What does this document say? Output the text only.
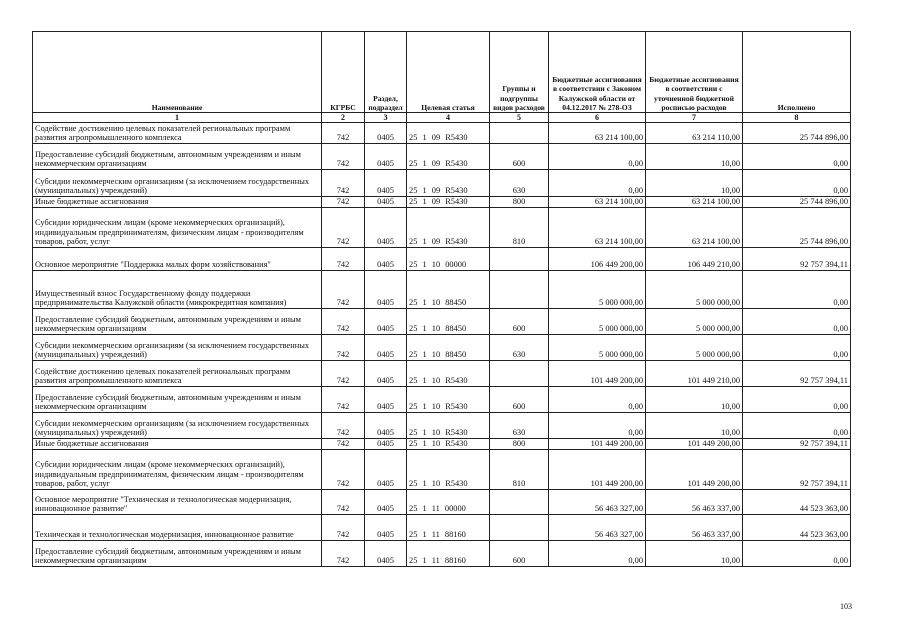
Наименование	КГРБС	Раздел, подраздел	Целевая статья	Группы и подгруппы видов расходов	Бюджетные ассигнования в соответствии с Законом Калужской области от 04.12.2017 № 278-ОЗ	Бюджетные ассигнования в соответствии с уточненной бюджетной росписью расходов	Исполнено
1	2	3	4	5	6	7	8
Содействие достижению целевых показателей региональных программ развития агропромышленного комплекса	742	0405	25 1 09 R5430		63 214 100,00	63 214 110,00	25 744 896,00
Предоставление субсидий бюджетным, автономным учреждениям и иным некоммерческим организациям	742	0405	25 1 09 R5430	600	0,00	10,00	0,00
Субсидии некоммерческим организациям (за исключением государственных (муниципальных) учреждений)	742	0405	25 1 09 R5430	630	0,00	10,00	0,00
Иные бюджетные ассигнования	742	0405	25 1 09 R5430	800	63 214 100,00	63 214 100,00	25 744 896,00
Субсидии юридическим лицам (кроме некоммерческих организаций), индивидуальным предпринимателям, физическим лицам - производителям товаров, работ, услуг	742	0405	25 1 09 R5430	810	63 214 100,00	63 214 100,00	25 744 896,00
Основное мероприятие "Поддержка малых форм хозяйствования"	742	0405	25 1 10 00000		106 449 200,00	106 449 210,00	92 757 394,11
Имущественный взнос Государственному фонду поддержки предпринимательства Калужской области (микрокредитная компания)	742	0405	25 1 10 88450		5 000 000,00	5 000 000,00	0,00
Предоставление субсидий бюджетным, автономным учреждениям и иным некоммерческим организациям	742	0405	25 1 10 88450	600	5 000 000,00	5 000 000,00	0,00
Субсидии некоммерческим организациям (за исключением государственных (муниципальных) учреждений)	742	0405	25 1 10 88450	630	5 000 000,00	5 000 000,00	0,00
Содействие достижению целевых показателей региональных программ развития агропромышленного комплекса	742	0405	25 1 10 R5430		101 449 200,00	101 449 210,00	92 757 394,11
Предоставление субсидий бюджетным, автономным учреждениям и иным некоммерческим организациям	742	0405	25 1 10 R5430	600	0,00	10,00	0,00
Субсидии некоммерческим организациям (за исключением государственных (муниципальных) учреждений)	742	0405	25 1 10 R5430	630	0,00	10,00	0,00
Иные бюджетные ассигнования	742	0405	25 1 10 R5430	800	101 449 200,00	101 449 200,00	92 757 394,11
Субсидии юридическим лицам (кроме некоммерческих организаций), индивидуальным предпринимателям, физическим лицам - производителям товаров, работ, услуг	742	0405	25 1 10 R5430	810	101 449 200,00	101 449 200,00	92 757 394,11
Основное мероприятие "Техническая и технологическая модернизация, инновационное развитие"	742	0405	25 1 11 00000		56 463 327,00	56 463 337,00	44 523 363,00
Техническая и технологическая модернизация, инновационное развитие	742	0405	25 1 11 88160		56 463 327,00	56 463 337,00	44 523 363,00
Предоставление субсидий бюджетным, автономным учреждениям и иным некоммерческим организациям	742	0405	25 1 11 88160	600	0,00	10,00	0,00
103
